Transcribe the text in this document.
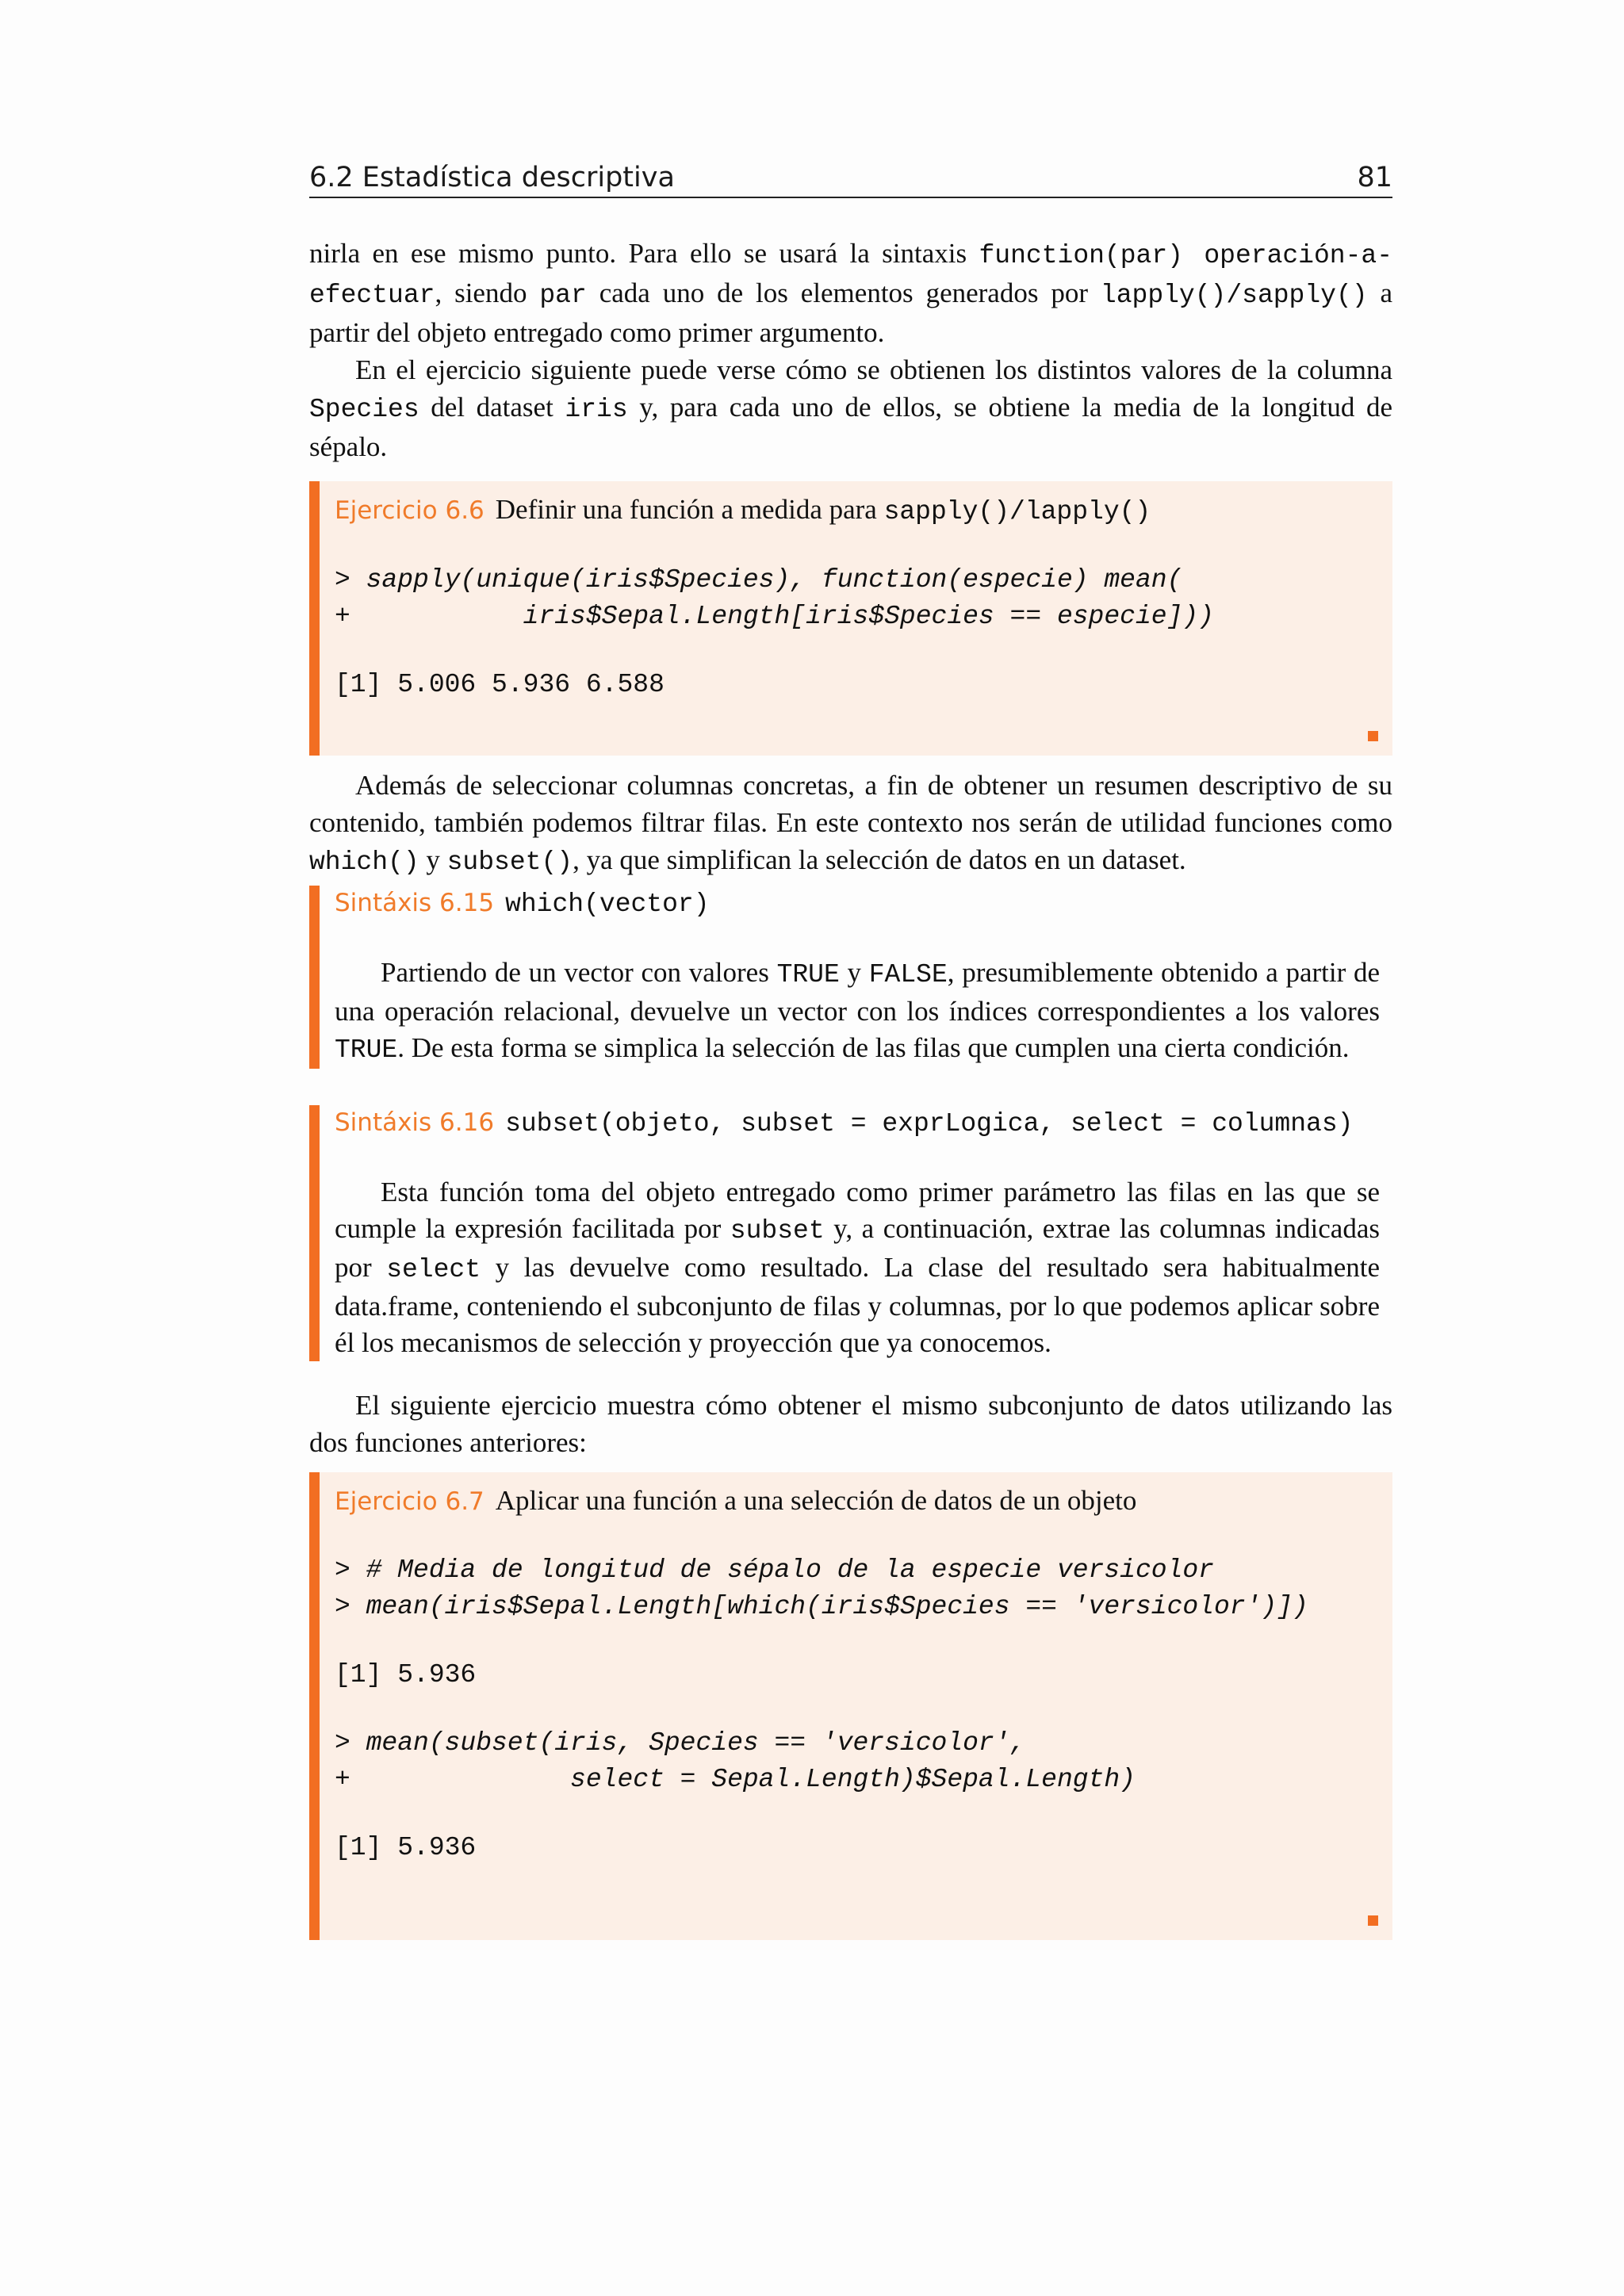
6.2 Estadística descriptiva	81

nirla en ese mismo punto. Para ello se usará la sintaxis function(par) operación-a-efectuar, siendo par cada uno de los elementos generados por lapply()/sapply() a partir del objeto entregado como primer argumento.

En el ejercicio siguiente puede verse cómo se obtienen los distintos valores de la columna Species del dataset iris y, para cada uno de ellos, se obtiene la media de la longitud de sépalo.

Ejercicio 6.6 Definir una función a medida para sapply()/lapply()
> sapply(unique(iris$Species), function(especie) mean(
+           iris$Sepal.Length[iris$Species == especie]))
[1] 5.006 5.936 6.588

Además de seleccionar columnas concretas, a fin de obtener un resumen descriptivo de su contenido, también podemos filtrar filas. En este contexto nos serán de utilidad funciones como which() y subset(), ya que simplifican la selección de datos en un dataset.

Sintáxis 6.15 which(vector)

Partiendo de un vector con valores TRUE y FALSE, presumiblemente obtenido a partir de una operación relacional, devuelve un vector con los índices correspondientes a los valores TRUE. De esta forma se simplica la selección de las filas que cumplen una cierta condición.

Sintáxis 6.16 subset(objeto, subset = exprLogica, select = columnas)

Esta función toma del objeto entregado como primer parámetro las filas en las que se cumple la expresión facilitada por subset y, a continuación, extrae las columnas indicadas por select y las devuelve como resultado. La clase del resultado sera habitualmente data.frame, conteniendo el subconjunto de filas y columnas, por lo que podemos aplicar sobre él los mecanismos de selección y proyección que ya conocemos.

El siguiente ejercicio muestra cómo obtener el mismo subconjunto de datos utilizando las dos funciones anteriores:

Ejercicio 6.7 Aplicar una función a una selección de datos de un objeto
> # Media de longitud de sépalo de la especie versicolor
> mean(iris$Sepal.Length[which(iris$Species == 'versicolor')])
[1] 5.936
> mean(subset(iris, Species == 'versicolor',
+              select = Sepal.Length)$Sepal.Length)
[1] 5.936
